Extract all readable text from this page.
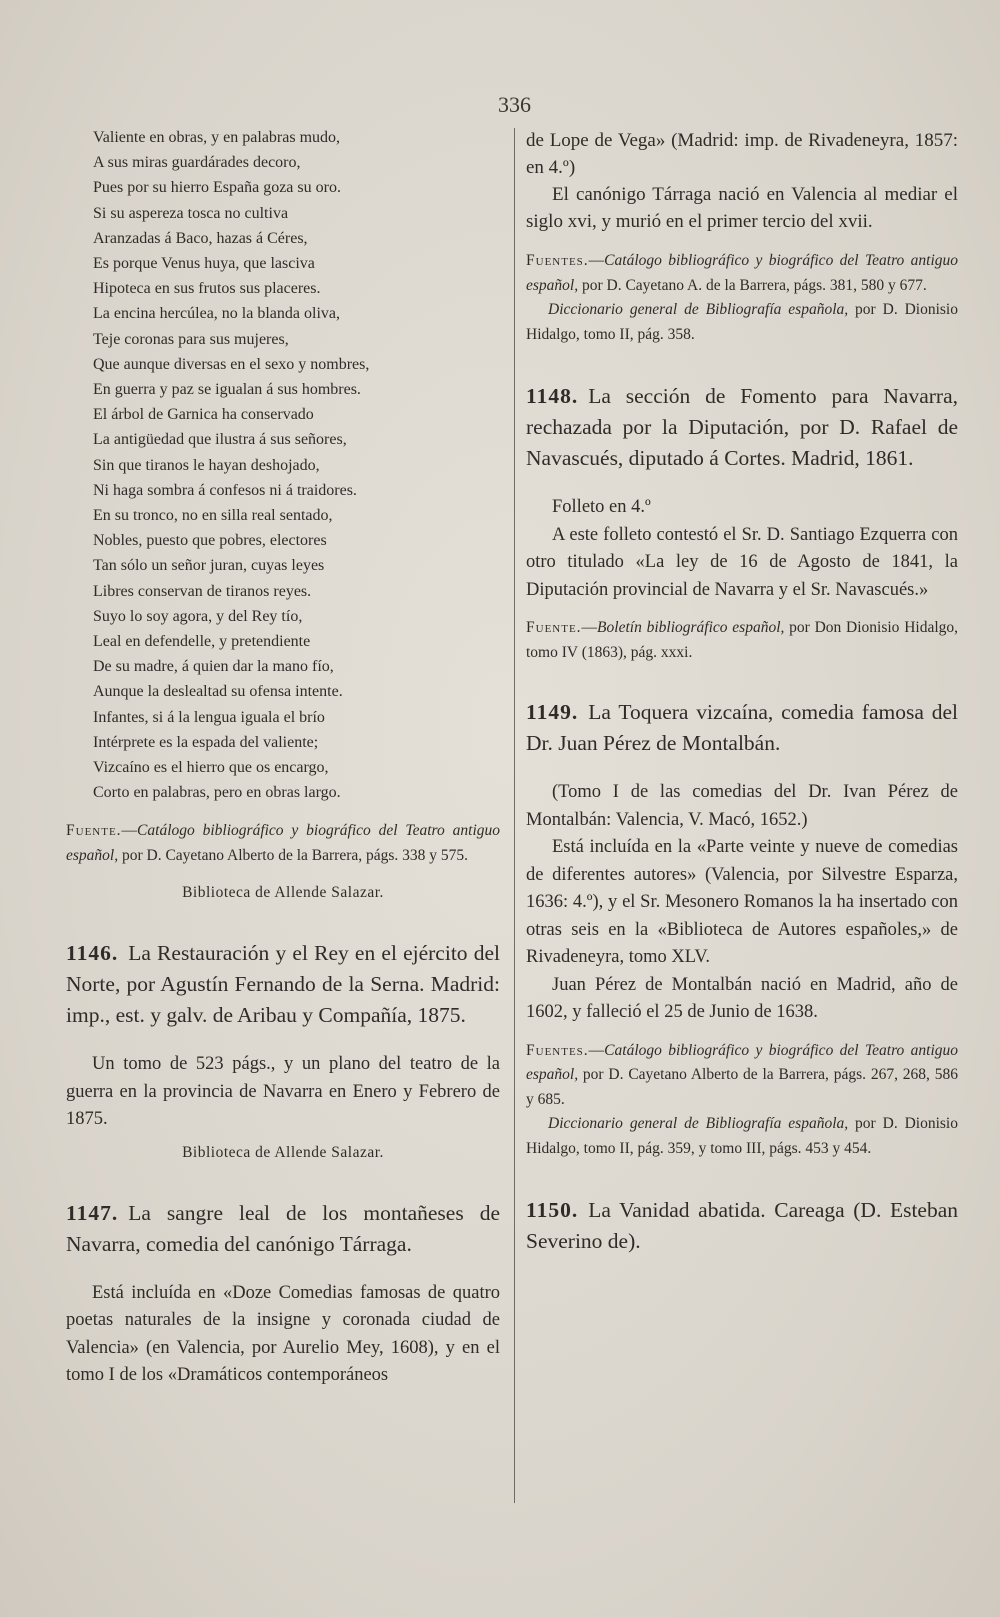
336
Valiente en obras, y en palabras mudo,
A sus miras guardárades decoro,
Pues por su hierro España goza su oro.
Si su aspereza tosca no cultiva
Aranzadas á Baco, hazas á Céres,
Es porque Venus huya, que lasciva
Hipoteca en sus frutos sus placeres.
La encina hercúlea, no la blanda oliva,
Teje coronas para sus mujeres,
Que aunque diversas en el sexo y nombres,
En guerra y paz se igualan á sus hombres.
El árbol de Garnica ha conservado
La antigüedad que ilustra á sus señores,
Sin que tiranos le hayan deshojado,
Ni haga sombra á confesos ni á traidores.
En su tronco, no en silla real sentado,
Nobles, puesto que pobres, electores
Tan sólo un señor juran, cuyas leyes
Libres conservan de tiranos reyes.
Suyo lo soy agora, y del Rey tío,
Leal en defendelle, y pretendiente
De su madre, á quien dar la mano fío,
Aunque la deslealtad su ofensa intente.
Infantes, si á la lengua iguala el brío
Intérprete es la espada del valiente;
Vizcaíno es el hierro que os encargo,
Corto en palabras, pero en obras largo.

Fuente.—Catálogo bibliográfico y biográfico del Teatro antiguo español, por D. Cayetano Alberto de la Barrera, págs. 338 y 575.

Biblioteca de Allende Salazar.

1146. La Restauración y el Rey en el ejército del Norte, por Agustín Fernando de la Serna. Madrid: imp., est. y galv. de Aribau y Compañía, 1875.

Un tomo de 523 págs., y un plano del teatro de la guerra en la provincia de Navarra en Enero y Febrero de 1875.

Biblioteca de Allende Salazar.

1147. La sangre leal de los montañeses de Navarra, comedia del canónigo Tárraga.

Está incluída en «Doze Comedias famosas de quatro poetas naturales de la insigne y coronada ciudad de Valencia» (en Valencia, por Aurelio Mey, 1608), y en el tomo I de los «Dramáticos contemporáneos

de Lope de Vega» (Madrid: imp. de Rivadeneyra, 1857: en 4.º)

El canónigo Tárraga nació en Valencia al mediar el siglo xvi, y murió en el primer tercio del xvii.

Fuentes.—Catálogo bibliográfico y biográfico del Teatro antiguo español, por D. Cayetano A. de la Barrera, págs. 381, 580 y 677.
Diccionario general de Bibliografía española, por D. Dionisio Hidalgo, tomo II, pág. 358.

1148. La sección de Fomento para Navarra, rechazada por la Diputación, por D. Rafael de Navascués, diputado á Cortes. Madrid, 1861.

Folleto en 4.º

A este folleto contestó el Sr. D. Santiago Ezquerra con otro titulado «La ley de 16 de Agosto de 1841, la Diputación provincial de Navarra y el Sr. Navascués.»

Fuente.—Boletín bibliográfico español, por Don Dionisio Hidalgo, tomo IV (1863), pág. xxxi.

1149. La Toquera vizcaína, comedia famosa del Dr. Juan Pérez de Montalbán.

(Tomo I de las comedias del Dr. Ivan Pérez de Montalbán: Valencia, V. Macó, 1652.)

Está incluída en la «Parte veinte y nueve de comedias de diferentes autores» (Valencia, por Silvestre Esparza, 1636: 4.º), y el Sr. Mesonero Romanos la ha insertado con otras seis en la «Biblioteca de Autores españoles,» de Rivadeneyra, tomo XLV.

Juan Pérez de Montalbán nació en Madrid, año de 1602, y falleció el 25 de Junio de 1638.

Fuentes.—Catálogo bibliográfico y biográfico del Teatro antiguo español, por D. Cayetano Alberto de la Barrera, págs. 267, 268, 586 y 685.
Diccionario general de Bibliografía española, por D. Dionisio Hidalgo, tomo II, pág. 359, y tomo III, págs. 453 y 454.

1150. La Vanidad abatida. Careaga (D. Esteban Severino de).
